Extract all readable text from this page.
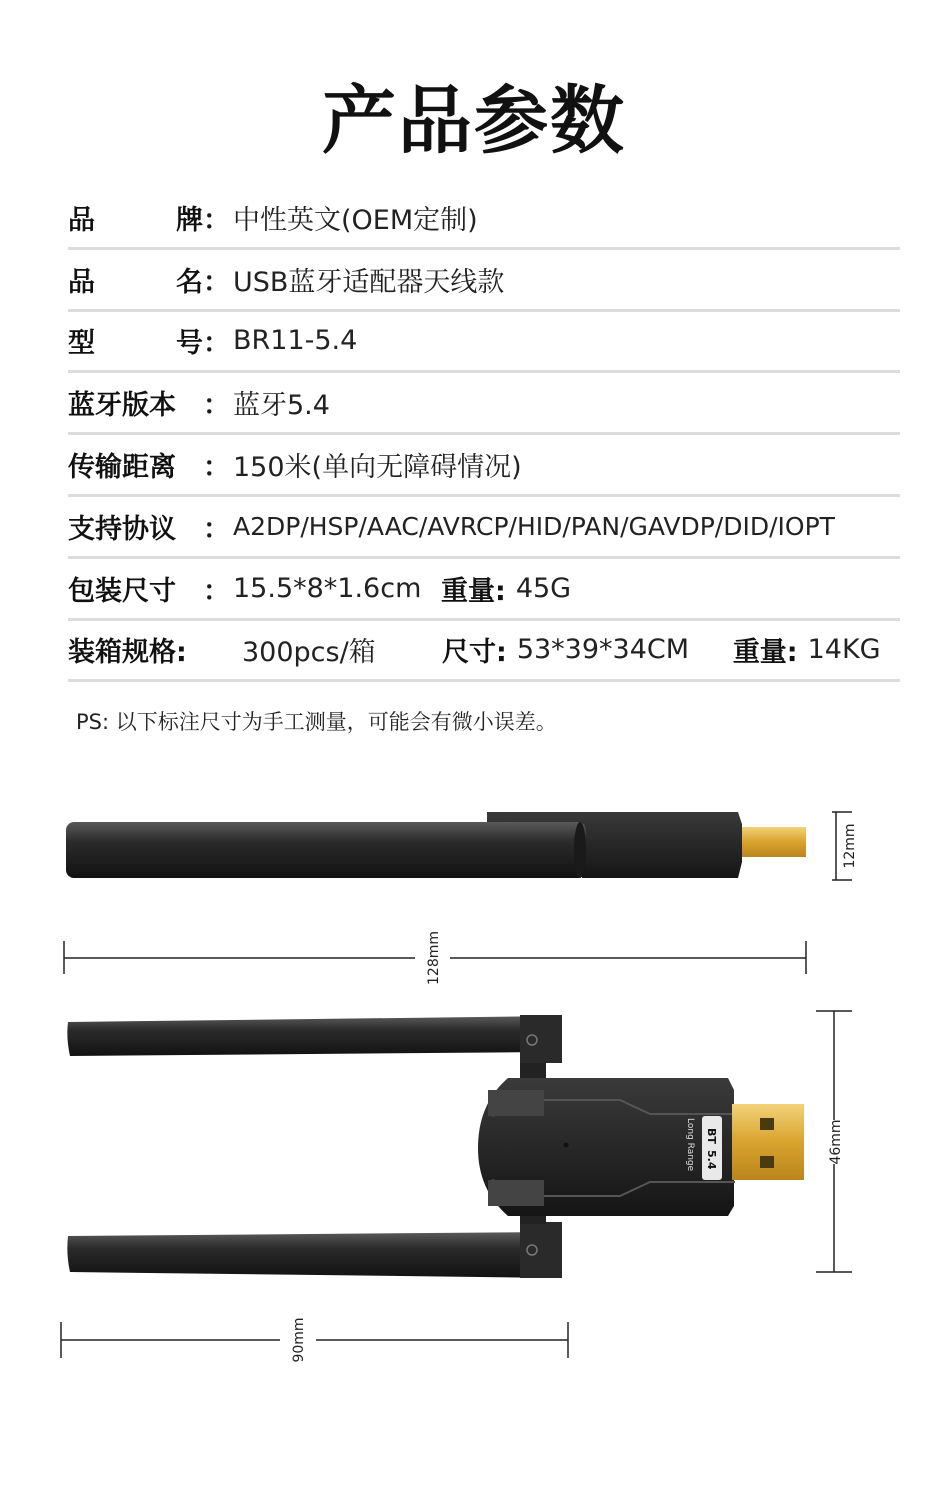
产品参数
品	牌 ： 中性英文(OEM定制)
品	名 ： USB蓝牙适配器天线款
型	号 ： BR11-5.4
蓝牙版本	： 蓝牙5.4
传输距离	： 150米(单向无障碍情况)
支持协议	： A2DP/HSP/AAC/AVRCP/HID/PAN/GAVDP/DID/IOPT
包装尺寸	： 15.5*8*1.6cm 重量: 45G
装箱规格:	300pcs/箱	尺寸: 53*39*34CM	重量: 14KG
PS: 以下标注尺寸为手工测量，可能会有微小误差。
12mm
128mm
BT
5.4
Long Range	46mm
90mm
